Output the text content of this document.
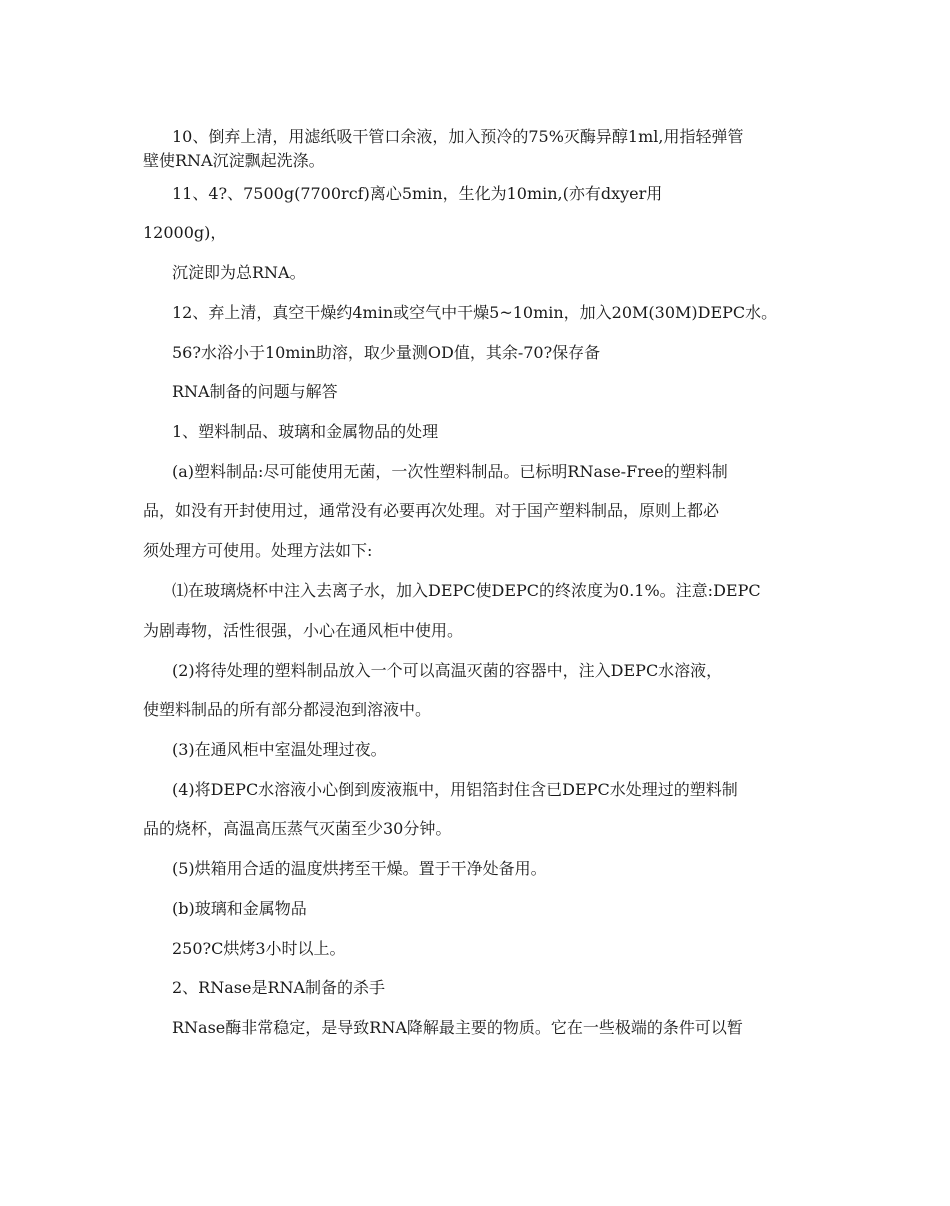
10、倒弃上清，用滤纸吸干管口余液，加入预冷的75%灭酶异醇1ml,用指轻弹管
壁使RNA沉淀飘起洗涤。
11、4?、7500g(7700rcf)离心5min，生化为10min,(亦有dxyer用
12000g)，
沉淀即为总RNA。
12、弃上清，真空干燥约4min或空气中干燥5~10min，加入20M(30M)DEPC水。
56?水浴小于10min助溶，取少量测OD值，其余-70?保存备
RNA制备的问题与解答
1、塑料制品、玻璃和金属物品的处理
(a)塑料制品:尽可能使用无菌，一次性塑料制品。已标明RNase-Free的塑料制
品，如没有开封使用过，通常没有必要再次处理。对于国产塑料制品，原则上都必
须处理方可使用。处理方法如下:
⑴在玻璃烧杯中注入去离子水，加入DEPC使DEPC的终浓度为0.1%。注意:DEPC
为剧毒物，活性很强，小心在通风柜中使用。
(2)将待处理的塑料制品放入一个可以高温灭菌的容器中，注入DEPC水溶液，
使塑料制品的所有部分都浸泡到溶液中。
(3)在通风柜中室温处理过夜。
(4)将DEPC水溶液小心倒到废液瓶中，用铝箔封住含已DEPC水处理过的塑料制
品的烧杯，高温高压蒸气灭菌至少30分钟。
(5)烘箱用合适的温度烘拷至干燥。置于干净处备用。
(b)玻璃和金属物品
250?C烘烤3小时以上。
2、RNase是RNA制备的杀手
RNase酶非常稳定，是导致RNA降解最主要的物质。它在一些极端的条件可以暂
